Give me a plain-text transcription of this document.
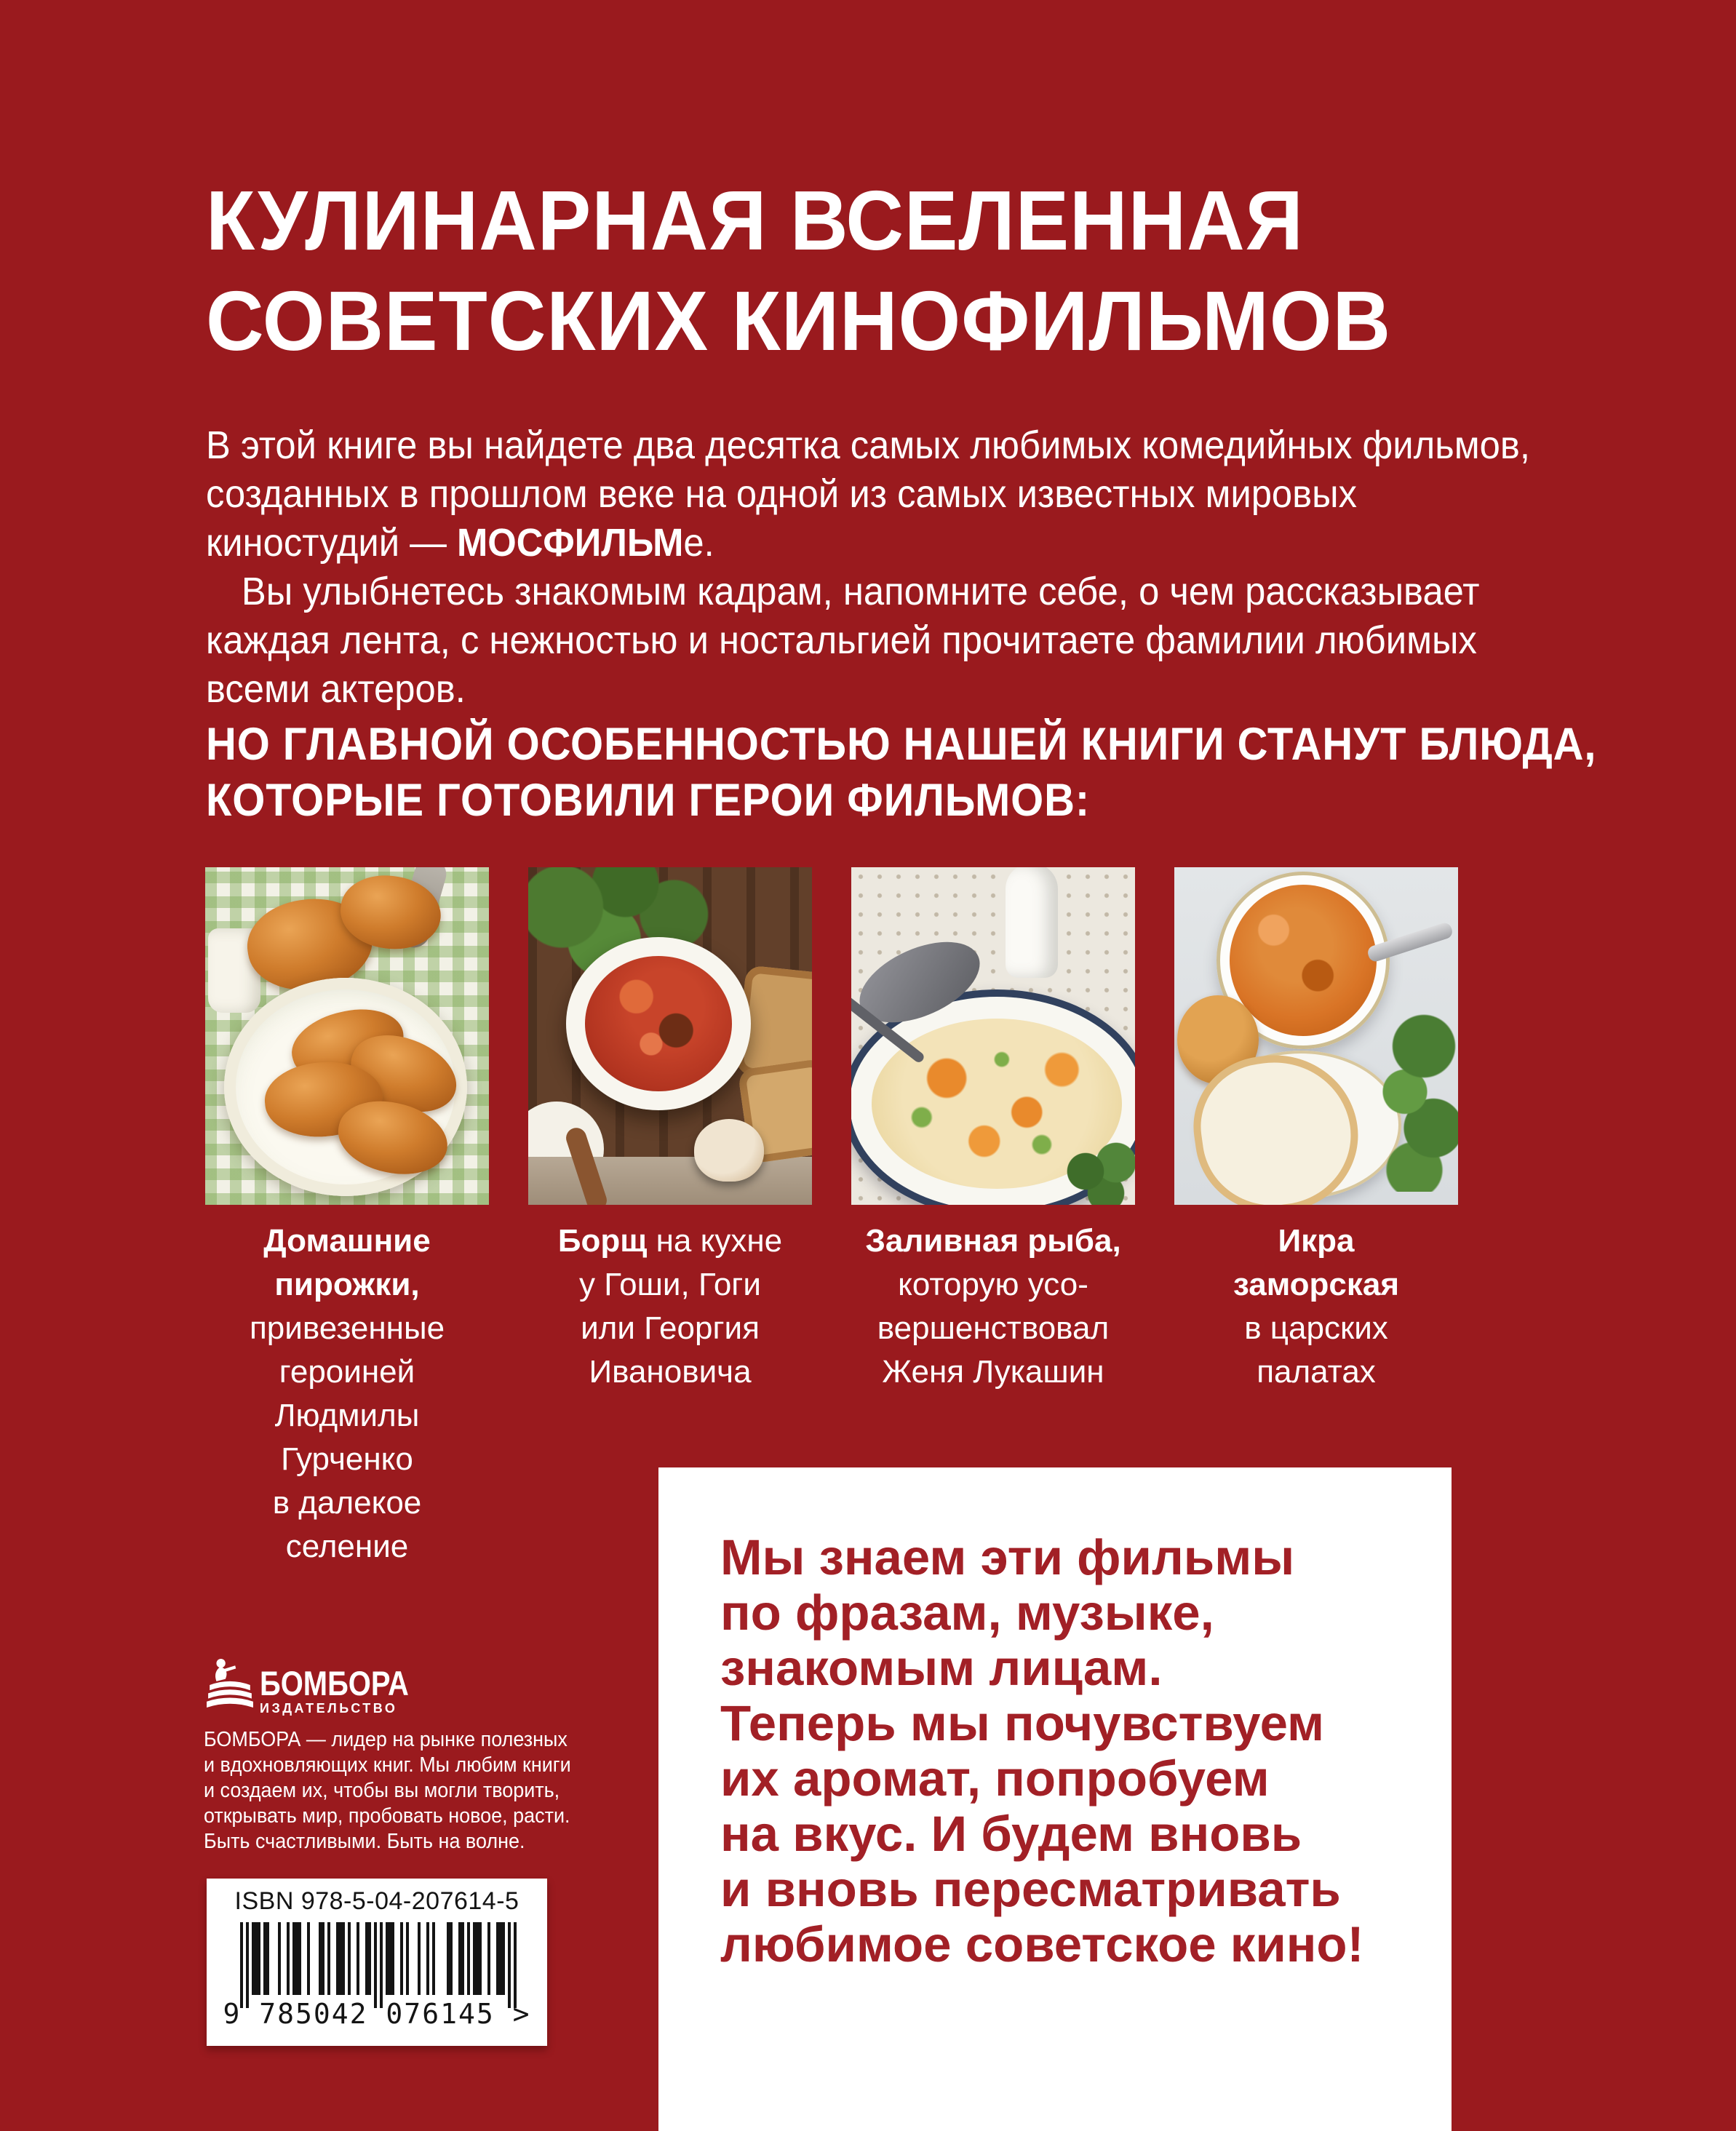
КУЛИНАРНАЯ ВСЕЛЕННАЯ
СОВЕТСКИХ КИНОФИЛЬМОВ
В этой книге вы найдете два десятка самых любимых комедийных фильмов,
созданных в прошлом веке на одной из самых известных мировых
киностудий — МОСФИЛЬМе.
Вы улыбнетесь знакомым кадрам, напомните себе, о чем рассказывает
каждая лента, с нежностью и ностальгией прочитаете фамилии любимых
всеми актеров.
НО ГЛАВНОЙ ОСОБЕННОСТЬЮ НАШЕЙ КНИГИ СТАНУТ БЛЮДА,
КОТОРЫЕ ГОТОВИЛИ ГЕРОИ ФИЛЬМОВ:
Домашние
пирожки,
привезенные
героиней
Людмилы
Гурченко
в далекое
селение
Борщ на кухне
у Гоши, Гоги
или Георгия
Ивановича
Заливная рыба,
которую усо-
вершенствовал
Женя Лукашин
Икра
заморская
в царских
палатах
Мы знаем эти фильмы
по фразам, музыке,
знакомым лицам.
Теперь мы почувствуем
их аромат, попробуем
на вкус. И будем вновь
и вновь пересматривать
любимое советское кино!
БОМБОРА
ИЗДАТЕЛЬСТВО
БОМБОРА — лидер на рынке полезных
и вдохновляющих книг. Мы любим книги
и создаем их, чтобы вы могли творить,
открывать мир, пробовать новое, расти.
Быть счастливыми. Быть на волне.
ISBN 978-5-04-207614-5
9 785042 076145 >
